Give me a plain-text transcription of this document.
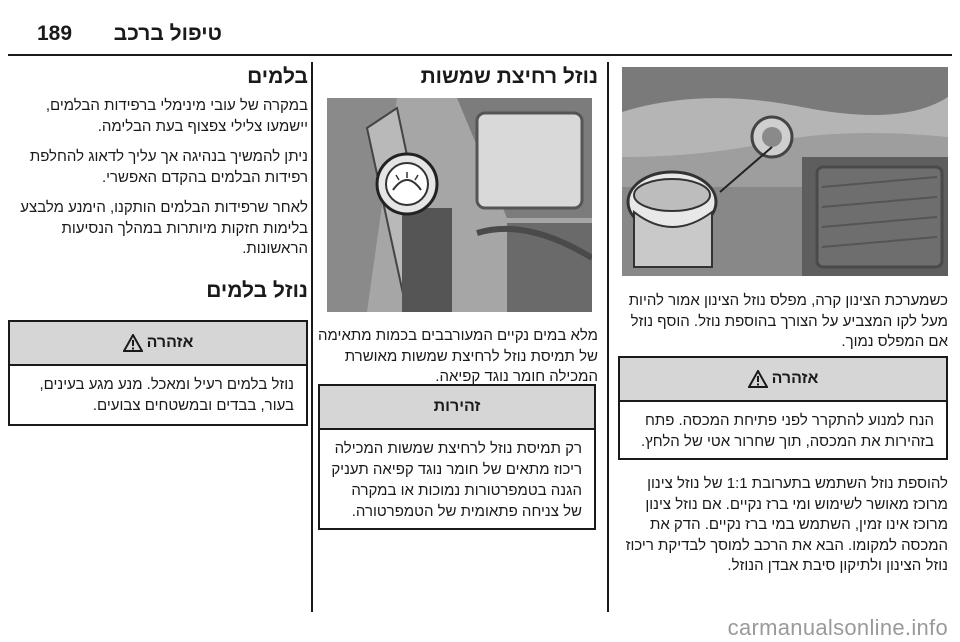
189 טיפול ברכב

כשמערכת הצינון קרה, מפלס נוזל הצינון אמור להיות מעל לקו המצביע על הצורך בהוספת נוזל. הוסף נוזל אם המפלס נמוך.

אזהרה
הנח למנוע להתקרר לפני פתיחת המכסה. פתח בזהירות את המכסה, תוך שחרור אטי של הלחץ.

להוספת נוזל השתמש בתערובת 1:1 של נוזל צינון מרוכז מאושר לשימוש ומי ברז נקיים. אם נוזל צינון מרוכז אינו זמין, השתמש במי ברז נקיים. הדק את המכסה למקומו. הבא את הרכב למוסך לבדיקת ריכוז נוזל הצינון ולתיקון סיבת אבדן הנוזל.

נוזל רחיצת שמשות

מלא במים נקיים המעורבבים בכמות מתאימה של תמיסת נוזל לרחיצת שמשות מאושרת המכילה חומר נוגד קפיאה.

זהירות
רק תמיסת נוזל לרחיצת שמשות המכילה ריכוז מתאים של חומר נוגד קפיאה תעניק הגנה בטמפרטורות נמוכות או במקרה של צניחה פתאומית של הטמפרטורה.
בלמים

במקרה של עובי מינימלי ברפידות הבלמים, יישמעו צלילי צפצוף בעת הבלימה.

ניתן להמשיך בנהיגה אך עליך לדאוג להחלפת רפידות הבלמים בהקדם האפשרי.

לאחר שרפידות הבלמים הותקנו, הימנע מלבצע בלימות חזקות מיותרות במהלך הנסיעות הראשונות.

נוזל בלמים
אזהרה
נוזל בלמים רעיל ומאכל. מנע מגע בעינים, בעור, בבדים ובמשטחים צבועים.
carmanualsonline.info
